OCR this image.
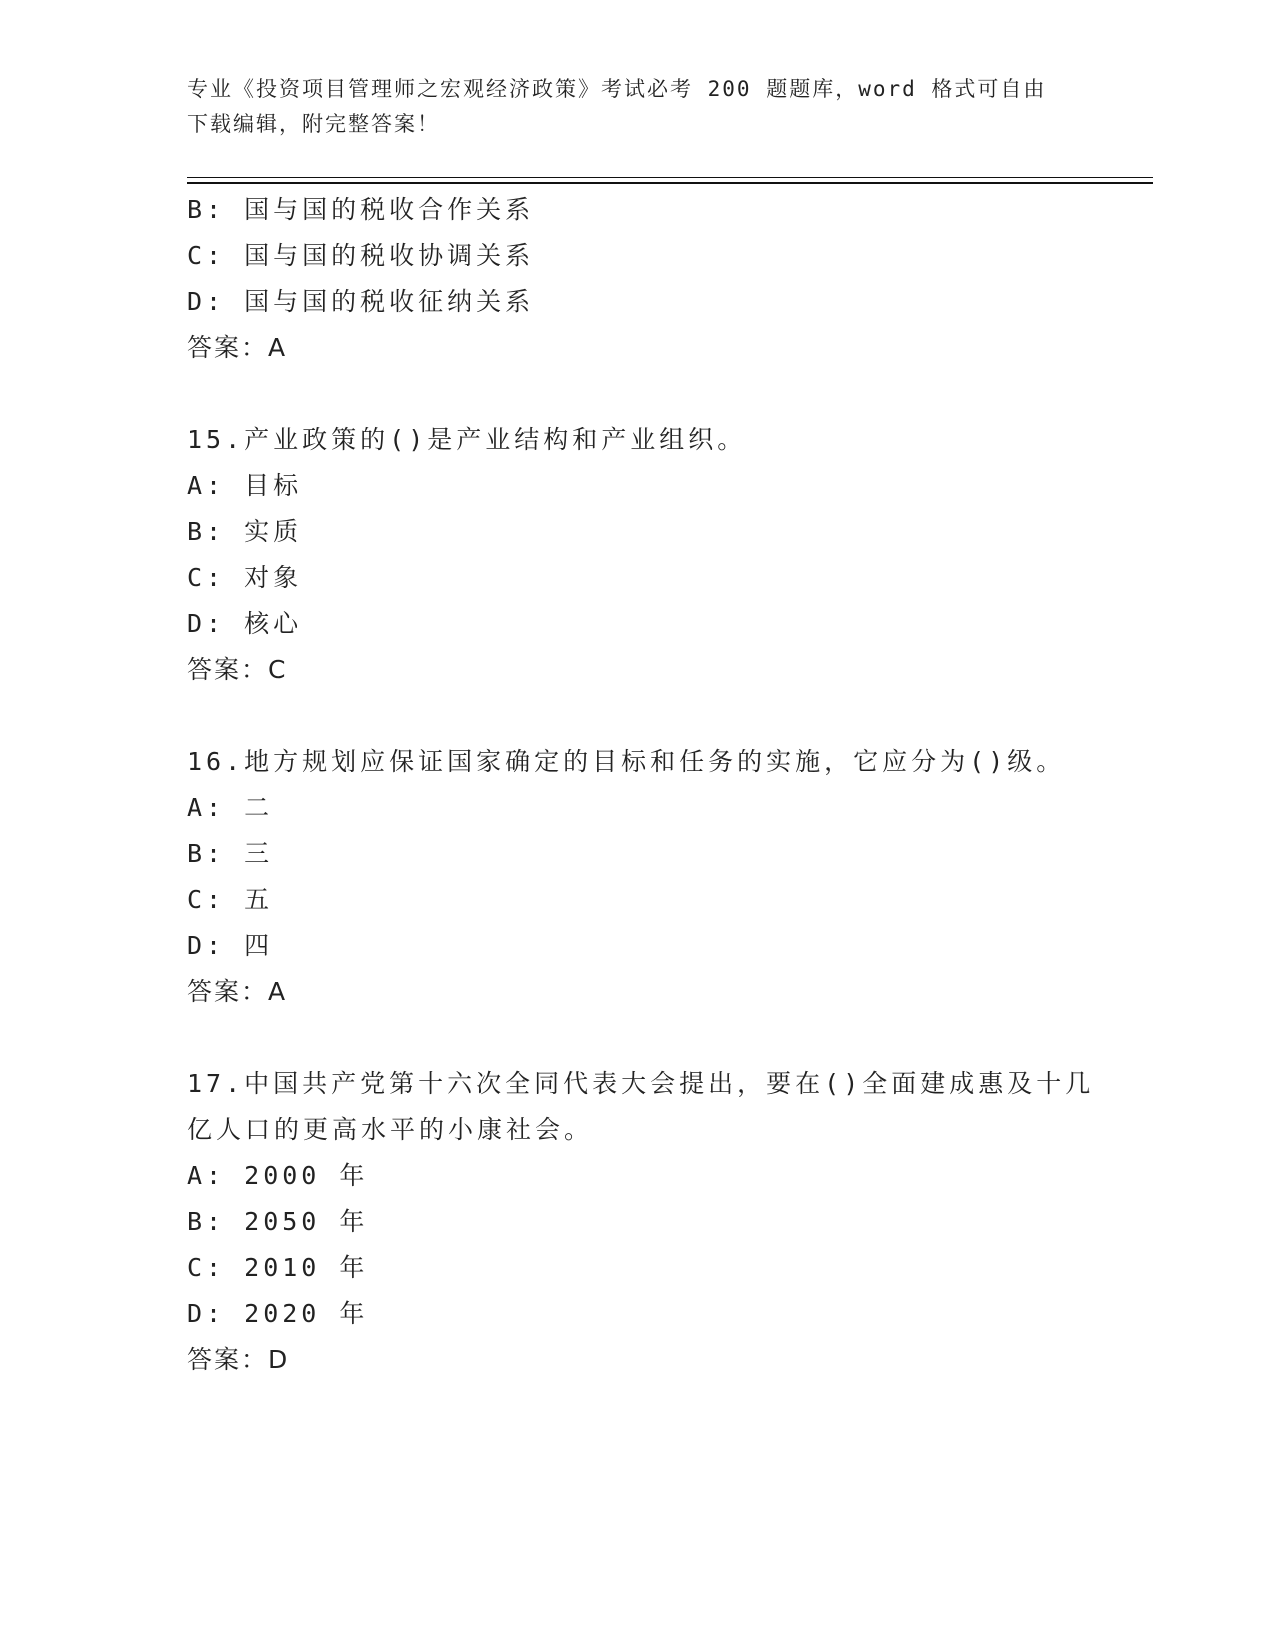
专业《投资项目管理师之宏观经济政策》考试必考 200 题题库，word 格式可自由
下载编辑，附完整答案！
B: 国与国的税收合作关系
C: 国与国的税收协调关系
D: 国与国的税收征纳关系
答案：A
15.产业政策的()是产业结构和产业组织。
A: 目标
B: 实质
C: 对象
D: 核心
答案：C
16.地方规划应保证国家确定的目标和任务的实施，它应分为()级。
A: 二
B: 三
C: 五
D: 四
答案：A
17.中国共产党第十六次全同代表大会提出，要在()全面建成惠及十几
亿人口的更高水平的小康社会。
A: 2000 年
B: 2050 年
C: 2010 年
D: 2020 年
答案：D
